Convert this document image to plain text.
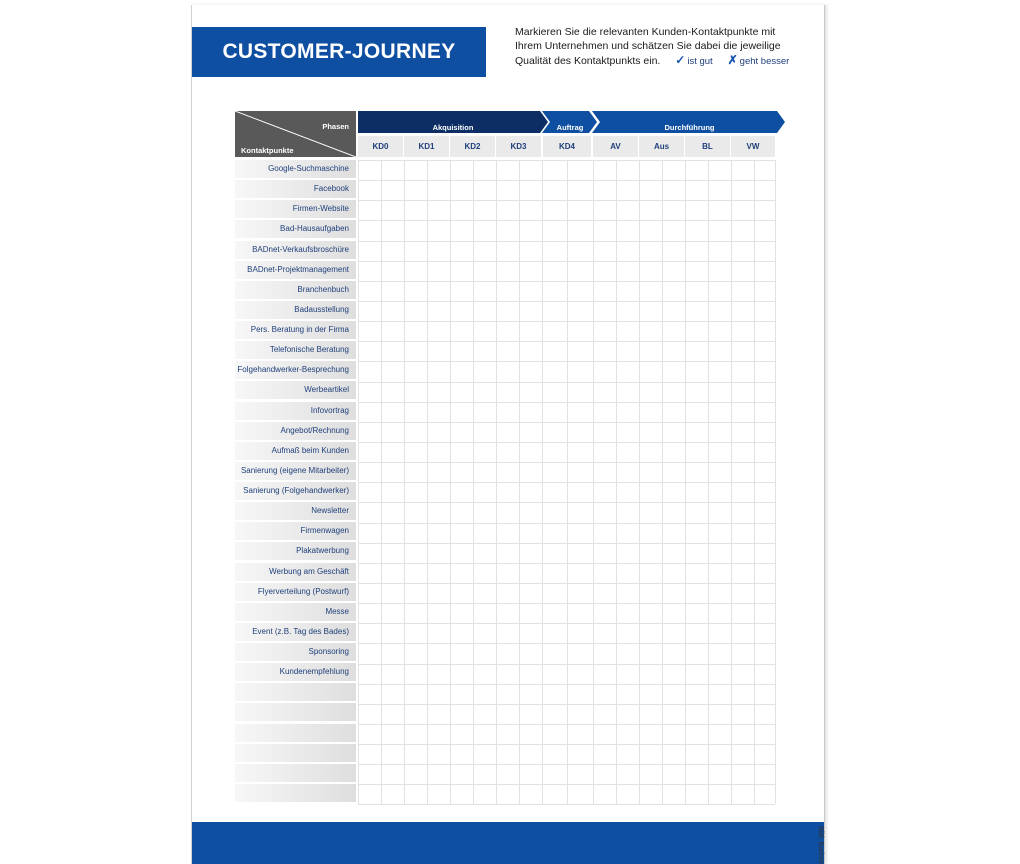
CUSTOMER-JOURNEY
Markieren Sie die relevanten Kunden-Kontaktpunkte mit Ihrem Unternehmen und schätzen Sie dabei die jeweilige Qualität des Kontaktpunkts ein. ✓ ist gut ✗ geht besser
Phasen
Kontaktpunkte
Akquisition	Auftrag	Durchführung
KD0	KD1	KD2	KD3	KD4	AV	Aus	BL	VW
Google-Suchmaschine
Facebook
Firmen-Website
Bad-Hausaufgaben
BADnet-Verkaufsbroschüre
BADnet-Projektmanagement
Branchenbuch
Badausstellung
Pers. Beratung in der Firma
Telefonische Beratung
Folgehandwerker-Besprechung
Werbeartikel
Infovortrag
Angebot/Rechnung
Aufmaß beim Kunden
Sanierung (eigene Mitarbeiter)
Sanierung (Folgehandwerker)
Newsletter
Firmenwagen
Plakatwerbung
Werbung am Geschäft
Flyerverteilung (Postwurf)
Messe
Event (z.B. Tag des Bades)
Sponsoring
Kundenempfehlung
Bild: Badnet
